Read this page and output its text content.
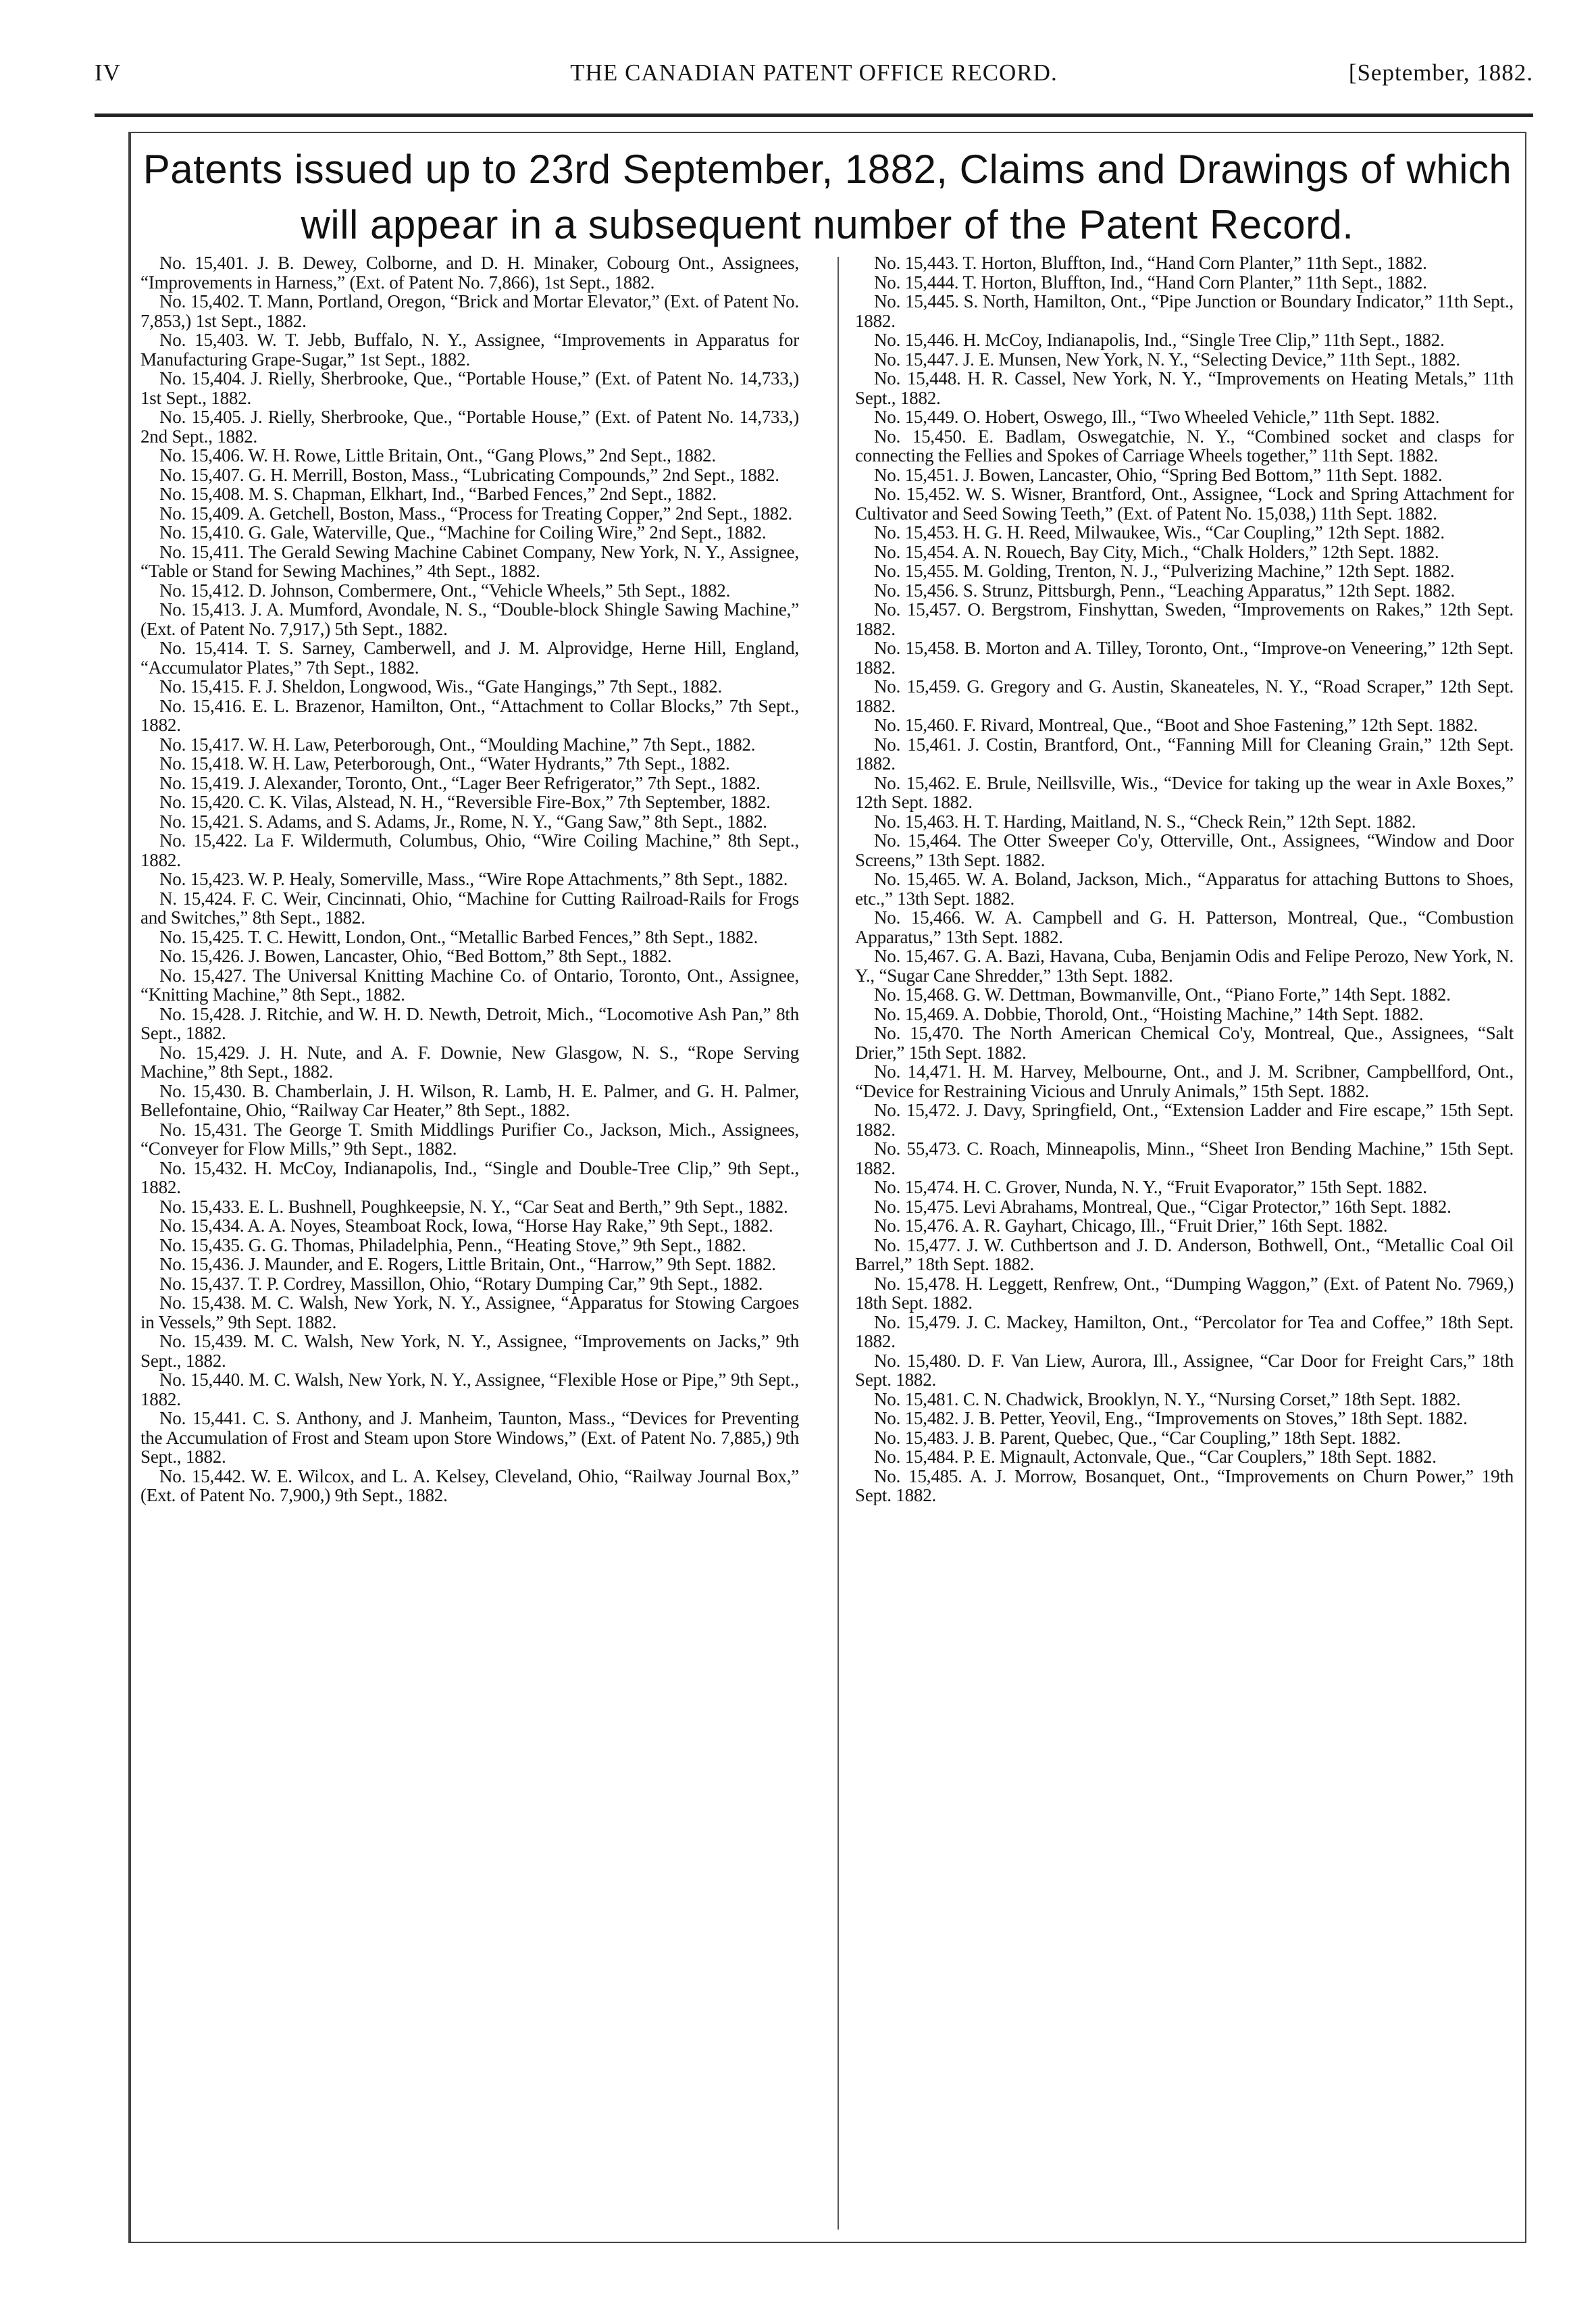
IV	THE CANADIAN PATENT OFFICE RECORD.	[September, 1882.
Patents issued up to 23rd September, 1882, Claims and Drawings of which will appear in a subsequent number of the Patent Record.

No. 15,401. J. B. Dewey, Colborne, and D. H. Minaker, Cobourg Ont., Assignees, “Improvements in Harness,” (Ext. of Patent No. 7,866), 1st Sept., 1882.

No. 15,402. T. Mann, Portland, Oregon, “Brick and Mortar Elevator,” (Ext. of Patent No. 7,853,) 1st Sept., 1882.

No. 15,403. W. T. Jebb, Buffalo, N. Y., Assignee, “Improvements in Apparatus for Manufacturing Grape-Sugar,” 1st Sept., 1882.

No. 15,404. J. Rielly, Sherbrooke, Que., “Portable House,” (Ext. of Patent No. 14,733,) 1st Sept., 1882.

No. 15,405. J. Rielly, Sherbrooke, Que., “Portable House,” (Ext. of Patent No. 14,733,) 2nd Sept., 1882.

No. 15,406. W. H. Rowe, Little Britain, Ont., “Gang Plows,” 2nd Sept., 1882.

No. 15,407. G. H. Merrill, Boston, Mass., “Lubricating Compounds,” 2nd Sept., 1882.

No. 15,408. M. S. Chapman, Elkhart, Ind., “Barbed Fences,” 2nd Sept., 1882.

No. 15,409. A. Getchell, Boston, Mass., “Process for Treating Copper,” 2nd Sept., 1882.

No. 15,410. G. Gale, Waterville, Que., “Machine for Coiling Wire,” 2nd Sept., 1882.

No. 15,411. The Gerald Sewing Machine Cabinet Company, New York, N. Y., Assignee, “Table or Stand for Sewing Machines,” 4th Sept., 1882.

No. 15,412. D. Johnson, Combermere, Ont., “Vehicle Wheels,” 5th Sept., 1882.

No. 15,413. J. A. Mumford, Avondale, N. S., “Double-block Shingle Sawing Machine,” (Ext. of Patent No. 7,917,) 5th Sept., 1882.

No. 15,414. T. S. Sarney, Camberwell, and J. M. Alprovidge, Herne Hill, England, “Accumulator Plates,” 7th Sept., 1882.

No. 15,415. F. J. Sheldon, Longwood, Wis., “Gate Hangings,” 7th Sept., 1882.

No. 15,416. E. L. Brazenor, Hamilton, Ont., “Attachment to Collar Blocks,” 7th Sept., 1882.

No. 15,417. W. H. Law, Peterborough, Ont., “Moulding Machine,” 7th Sept., 1882.

No. 15,418. W. H. Law, Peterborough, Ont., “Water Hydrants,” 7th Sept., 1882.

No. 15,419. J. Alexander, Toronto, Ont., “Lager Beer Refrigerator,” 7th Sept., 1882.

No. 15,420. C. K. Vilas, Alstead, N. H., “Reversible Fire-Box,” 7th September, 1882.

No. 15,421. S. Adams, and S. Adams, Jr., Rome, N. Y., “Gang Saw,” 8th Sept., 1882.

No. 15,422. La F. Wildermuth, Columbus, Ohio, “Wire Coiling Machine,” 8th Sept., 1882.

No. 15,423. W. P. Healy, Somerville, Mass., “Wire Rope Attachments,” 8th Sept., 1882.

N. 15,424. F. C. Weir, Cincinnati, Ohio, “Machine for Cutting Railroad-Rails for Frogs and Switches,” 8th Sept., 1882.

No. 15,425. T. C. Hewitt, London, Ont., “Metallic Barbed Fences,” 8th Sept., 1882.

No. 15,426. J. Bowen, Lancaster, Ohio, “Bed Bottom,” 8th Sept., 1882.

No. 15,427. The Universal Knitting Machine Co. of Ontario, Toronto, Ont., Assignee, “Knitting Machine,” 8th Sept., 1882.

No. 15,428. J. Ritchie, and W. H. D. Newth, Detroit, Mich., “Locomotive Ash Pan,” 8th Sept., 1882.

No. 15,429. J. H. Nute, and A. F. Downie, New Glasgow, N. S., “Rope Serving Machine,” 8th Sept., 1882.

No. 15,430. B. Chamberlain, J. H. Wilson, R. Lamb, H. E. Palmer, and G. H. Palmer, Bellefontaine, Ohio, “Railway Car Heater,” 8th Sept., 1882.

No. 15,431. The George T. Smith Middlings Purifier Co., Jackson, Mich., Assignees, “Conveyer for Flow Mills,” 9th Sept., 1882.

No. 15,432. H. McCoy, Indianapolis, Ind., “Single and Double-Tree Clip,” 9th Sept., 1882.

No. 15,433. E. L. Bushnell, Poughkeepsie, N. Y., “Car Seat and Berth,” 9th Sept., 1882.

No. 15,434. A. A. Noyes, Steamboat Rock, Iowa, “Horse Hay Rake,” 9th Sept., 1882.

No. 15,435. G. G. Thomas, Philadelphia, Penn., “Heating Stove,” 9th Sept., 1882.

No. 15,436. J. Maunder, and E. Rogers, Little Britain, Ont., “Harrow,” 9th Sept. 1882.

No. 15,437. T. P. Cordrey, Massillon, Ohio, “Rotary Dumping Car,” 9th Sept., 1882.

No. 15,438. M. C. Walsh, New York, N. Y., Assignee, “Apparatus for Stowing Cargoes in Vessels,” 9th Sept. 1882.

No. 15,439. M. C. Walsh, New York, N. Y., Assignee, “Improvements on Jacks,” 9th Sept., 1882.

No. 15,440. M. C. Walsh, New York, N. Y., Assignee, “Flexible Hose or Pipe,” 9th Sept., 1882.

No. 15,441. C. S. Anthony, and J. Manheim, Taunton, Mass., “Devices for Preventing the Accumulation of Frost and Steam upon Store Windows,” (Ext. of Patent No. 7,885,) 9th Sept., 1882.

No. 15,442. W. E. Wilcox, and L. A. Kelsey, Cleveland, Ohio, “Railway Journal Box,” (Ext. of Patent No. 7,900,) 9th Sept., 1882.

No. 15,443. T. Horton, Bluffton, Ind., “Hand Corn Planter,” 11th Sept., 1882.

No. 15,444. T. Horton, Bluffton, Ind., “Hand Corn Planter,” 11th Sept., 1882.

No. 15,445. S. North, Hamilton, Ont., “Pipe Junction or Boundary Indicator,” 11th Sept., 1882.

No. 15,446. H. McCoy, Indianapolis, Ind., “Single Tree Clip,” 11th Sept., 1882.

No. 15,447. J. E. Munsen, New York, N. Y., “Selecting Device,” 11th Sept., 1882.

No. 15,448. H. R. Cassel, New York, N. Y., “Improvements on Heating Metals,” 11th Sept., 1882.

No. 15,449. O. Hobert, Oswego, Ill., “Two Wheeled Vehicle,” 11th Sept. 1882.

No. 15,450. E. Badlam, Oswegatchie, N. Y., “Combined socket and clasps for connecting the Fellies and Spokes of Carriage Wheels together,” 11th Sept. 1882.

No. 15,451. J. Bowen, Lancaster, Ohio, “Spring Bed Bottom,” 11th Sept. 1882.

No. 15,452. W. S. Wisner, Brantford, Ont., Assignee, “Lock and Spring Attachment for Cultivator and Seed Sowing Teeth,” (Ext. of Patent No. 15,038,) 11th Sept. 1882.

No. 15,453. H. G. H. Reed, Milwaukee, Wis., “Car Coupling,” 12th Sept. 1882.

No. 15,454. A. N. Rouech, Bay City, Mich., “Chalk Holders,” 12th Sept. 1882.

No. 15,455. M. Golding, Trenton, N. J., “Pulverizing Machine,” 12th Sept. 1882.

No. 15,456. S. Strunz, Pittsburgh, Penn., “Leaching Apparatus,” 12th Sept. 1882.

No. 15,457. O. Bergstrom, Finshyttan, Sweden, “Improvements on Rakes,” 12th Sept. 1882.

No. 15,458. B. Morton and A. Tilley, Toronto, Ont., “Improve-on Veneering,” 12th Sept. 1882.

No. 15,459. G. Gregory and G. Austin, Skaneateles, N. Y., “Road Scraper,” 12th Sept. 1882.

No. 15,460. F. Rivard, Montreal, Que., “Boot and Shoe Fastening,” 12th Sept. 1882.

No. 15,461. J. Costin, Brantford, Ont., “Fanning Mill for Cleaning Grain,” 12th Sept. 1882.

No. 15,462. E. Brule, Neillsville, Wis., “Device for taking up the wear in Axle Boxes,” 12th Sept. 1882.

No. 15,463. H. T. Harding, Maitland, N. S., “Check Rein,” 12th Sept. 1882.

No. 15,464. The Otter Sweeper Co'y, Otterville, Ont., Assignees, “Window and Door Screens,” 13th Sept. 1882.

No. 15,465. W. A. Boland, Jackson, Mich., “Apparatus for attaching Buttons to Shoes, etc.,” 13th Sept. 1882.

No. 15,466. W. A. Campbell and G. H. Patterson, Montreal, Que., “Combustion Apparatus,” 13th Sept. 1882.

No. 15,467. G. A. Bazi, Havana, Cuba, Benjamin Odis and Felipe Perozo, New York, N. Y., “Sugar Cane Shredder,” 13th Sept. 1882.

No. 15,468. G. W. Dettman, Bowmanville, Ont., “Piano Forte,” 14th Sept. 1882.

No. 15,469. A. Dobbie, Thorold, Ont., “Hoisting Machine,” 14th Sept. 1882.

No. 15,470. The North American Chemical Co'y, Montreal, Que., Assignees, “Salt Drier,” 15th Sept. 1882.

No. 14,471. H. M. Harvey, Melbourne, Ont., and J. M. Scribner, Campbellford, Ont., “Device for Restraining Vicious and Unruly Animals,” 15th Sept. 1882.

No. 15,472. J. Davy, Springfield, Ont., “Extension Ladder and Fire escape,” 15th Sept. 1882.

No. 55,473. C. Roach, Minneapolis, Minn., “Sheet Iron Bending Machine,” 15th Sept. 1882.

No. 15,474. H. C. Grover, Nunda, N. Y., “Fruit Evaporator,” 15th Sept. 1882.

No. 15,475. Levi Abrahams, Montreal, Que., “Cigar Protector,” 16th Sept. 1882.

No. 15,476. A. R. Gayhart, Chicago, Ill., “Fruit Drier,” 16th Sept. 1882.

No. 15,477. J. W. Cuthbertson and J. D. Anderson, Bothwell, Ont., “Metallic Coal Oil Barrel,” 18th Sept. 1882.

No. 15,478. H. Leggett, Renfrew, Ont., “Dumping Waggon,” (Ext. of Patent No. 7969,) 18th Sept. 1882.

No. 15,479. J. C. Mackey, Hamilton, Ont., “Percolator for Tea and Coffee,” 18th Sept. 1882.

No. 15,480. D. F. Van Liew, Aurora, Ill., Assignee, “Car Door for Freight Cars,” 18th Sept. 1882.

No. 15,481. C. N. Chadwick, Brooklyn, N. Y., “Nursing Corset,” 18th Sept. 1882.

No. 15,482. J. B. Petter, Yeovil, Eng., “Improvements on Stoves,” 18th Sept. 1882.

No. 15,483. J. B. Parent, Quebec, Que., “Car Coupling,” 18th Sept. 1882.

No. 15,484. P. E. Mignault, Actonvale, Que., “Car Couplers,” 18th Sept. 1882.

No. 15,485. A. J. Morrow, Bosanquet, Ont., “Improvements on Churn Power,” 19th Sept. 1882.
